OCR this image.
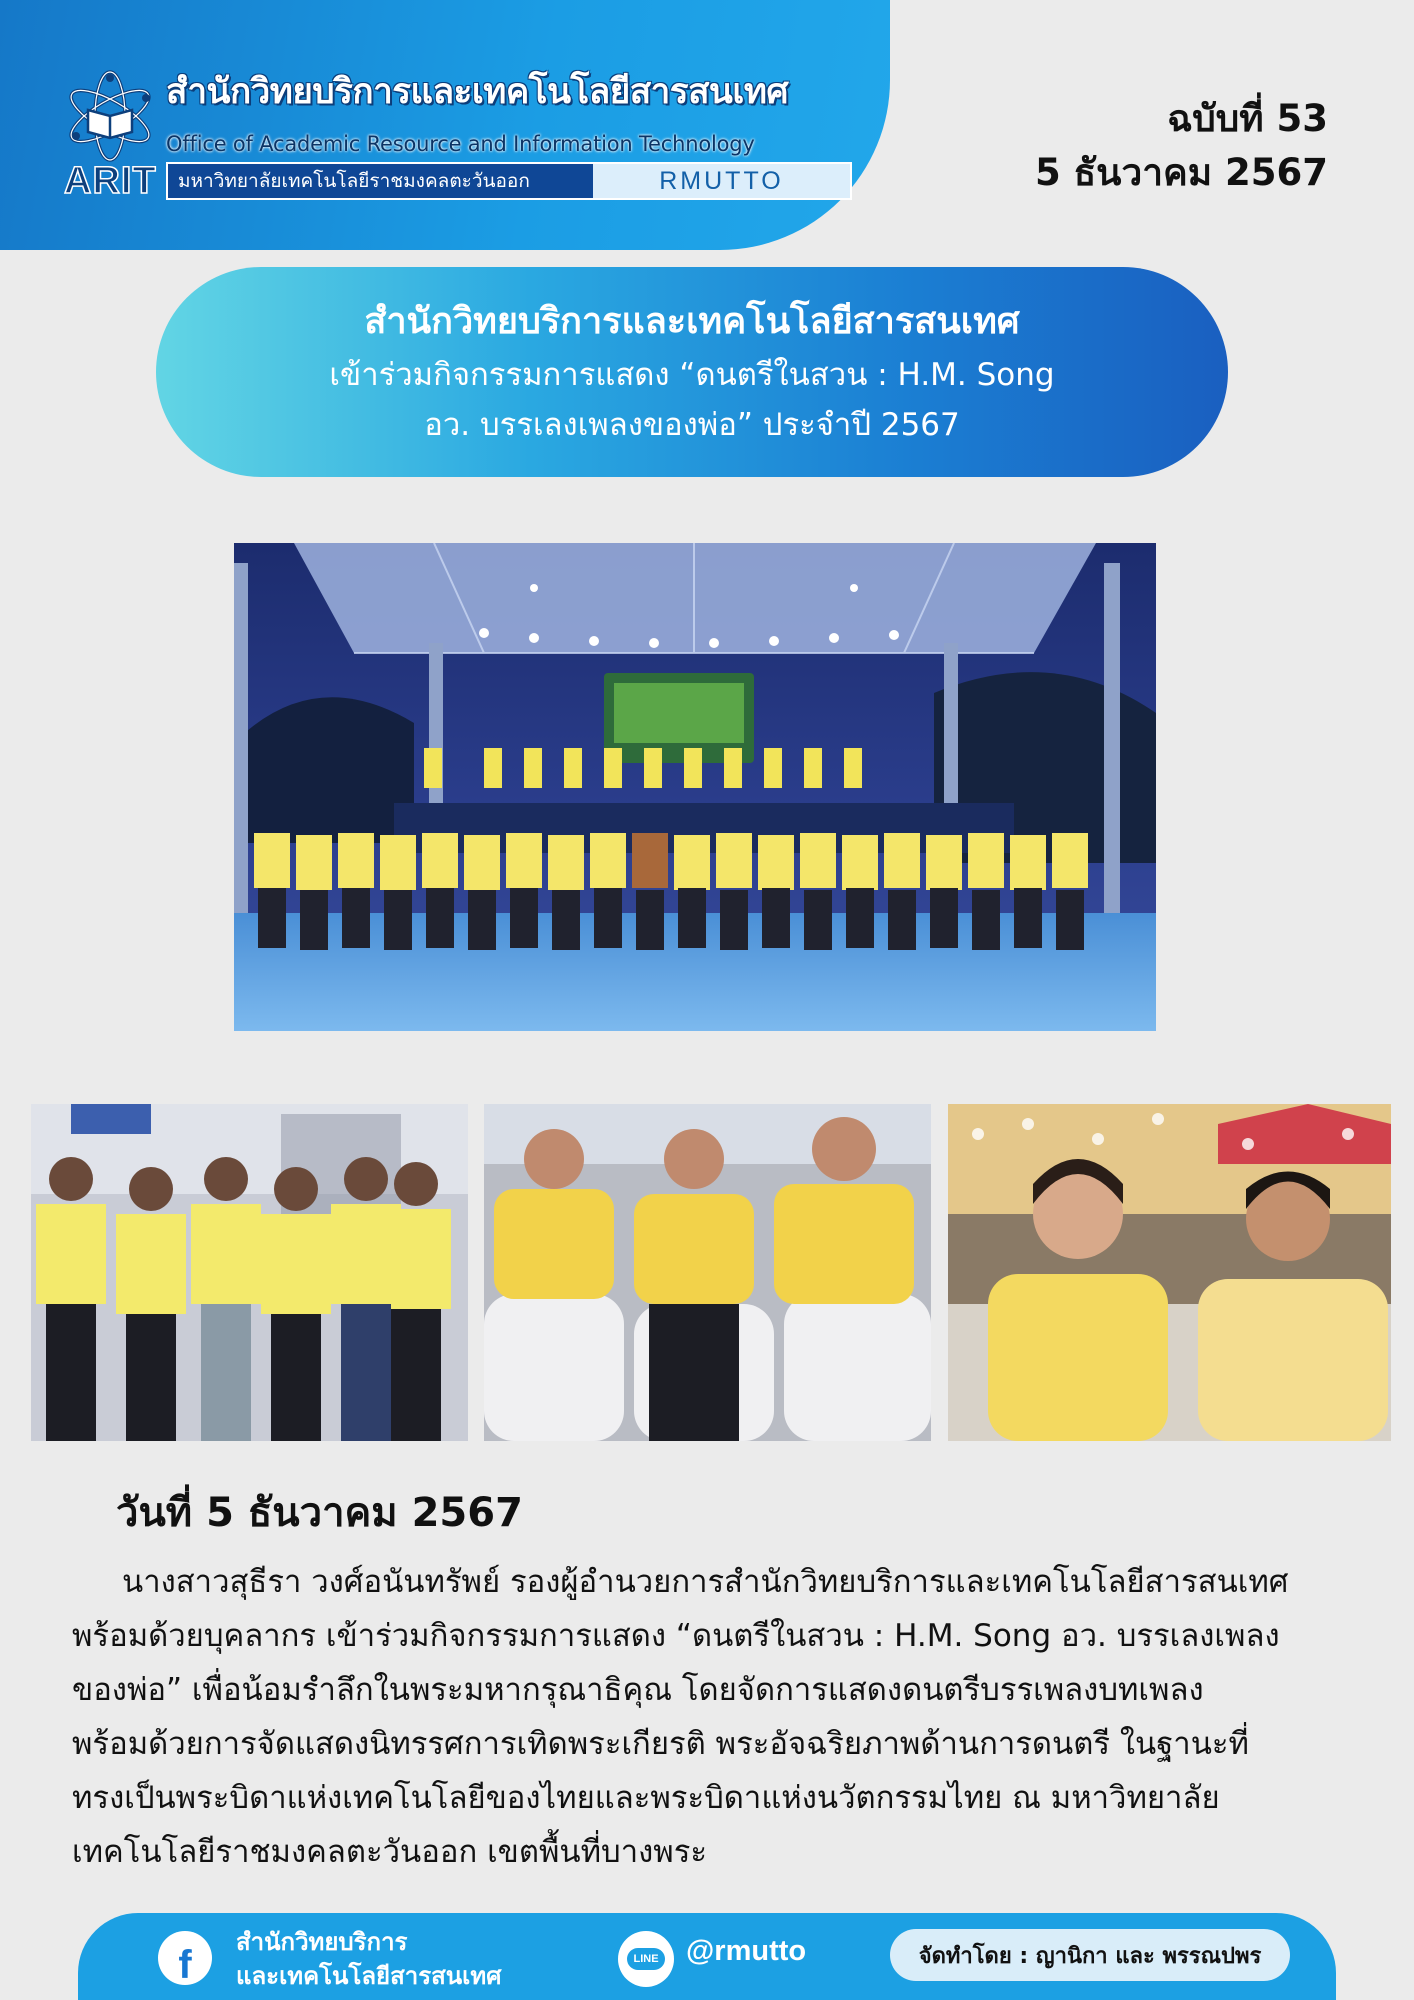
ARIT
สำนักวิทยบริการและเทคโนโลยีสารสนเทศ
Office of Academic Resource and Information Technology
มหาวิทยาลัยเทคโนโลยีราชมงคลตะวันออก	RMUTTO
ฉบับที่ 53
5 ธันวาคม 2567
สำนักวิทยบริการและเทคโนโลยีสารสนเทศ
เข้าร่วมกิจกรรมการแสดง “ดนตรีในสวน : H.M. Song
อว. บรรเลงเพลงของพ่อ” ประจำปี 2567
วันที่ 5 ธันวาคม 2567

นางสาวสุธีรา วงศ์อนันทรัพย์ รองผู้อำนวยการสำนักวิทยบริการและเทคโนโลยีสารสนเทศ

พร้อมด้วยบุคลากร เข้าร่วมกิจกรรมการแสดง “ดนตรีในสวน : H.M. Song อว. บรรเลงเพลง

ของพ่อ” เพื่อน้อมรำลึกในพระมหากรุณาธิคุณ โดยจัดการแสดงดนตรีบรรเพลงบทเพลง

พร้อมด้วยการจัดแสดงนิทรรศการเทิดพระเกียรติ พระอัจฉริยภาพด้านการดนตรี ในฐานะที่

ทรงเป็นพระบิดาแห่งเทคโนโลยีของไทยและพระบิดาแห่งนวัตกรรมไทย ณ มหาวิทยาลัย

เทคโนโลยีราชมงคลตะวันออก เขตพื้นที่บางพระ

f
สำนักวิทยบริการ
และเทคโนโลยีสารสนเทศ
LINE @rmutto	จัดทำโดย : ญานิกา และ พรรณปพร
